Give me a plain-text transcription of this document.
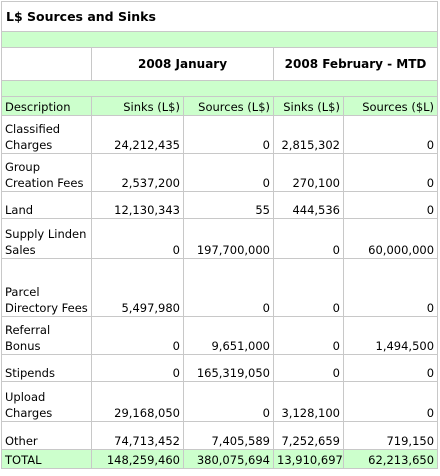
L$ Sources and Sinks				

	2008 January		2008 February - MTD	

Description	Sinks (L$)	Sources (L$)	Sinks (L$)	Sources ($L)
Classified Charges	24,212,435	0	2,815,302	0
Group Creation Fees	2,537,200	0	270,100	0
Land	12,130,343	55	444,536	0
Supply Linden Sales	0	197,700,000	0	60,000,000
Parcel Directory Fees	5,497,980	0	0	0
Referral Bonus	0	9,651,000	0	1,494,500
Stipends	0	165,319,050	0	0
Upload Charges	29,168,050	0	3,128,100	0
Other	74,713,452	7,405,589	7,252,659	719,150
TOTAL	148,259,460	380,075,694	13,910,697	62,213,650
